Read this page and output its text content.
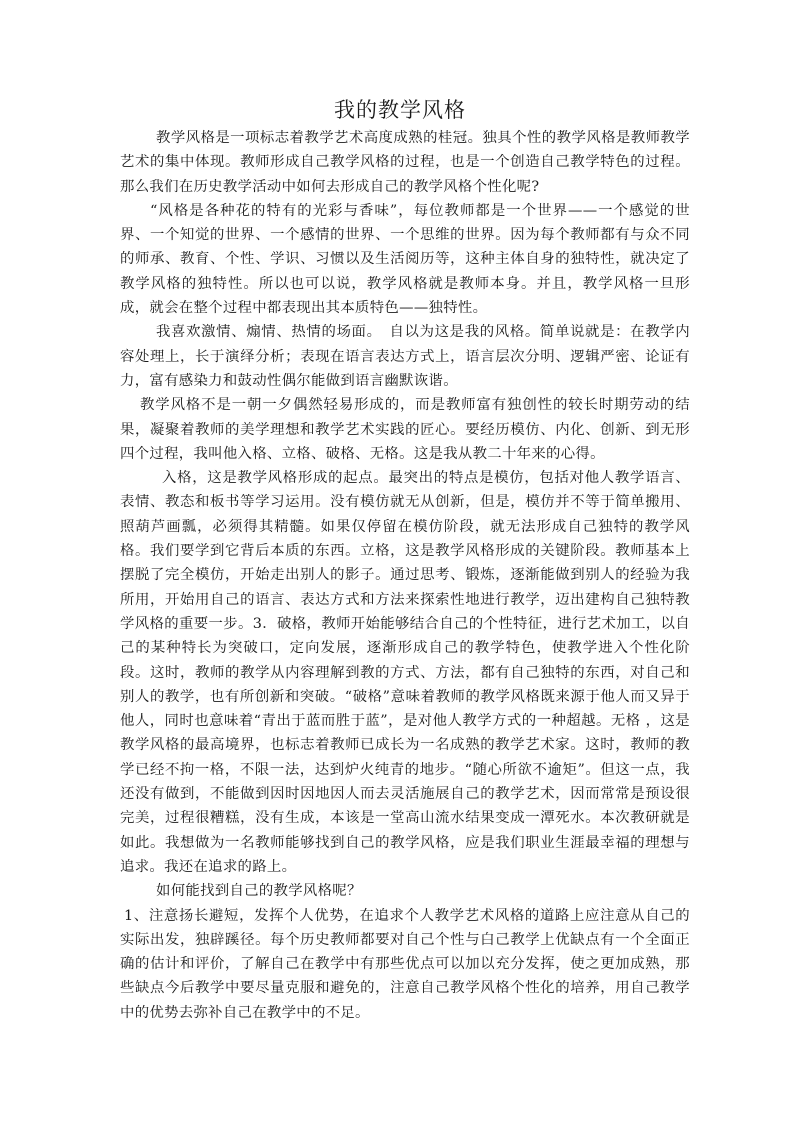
我的教学风格

教学风格是一项标志着教学艺术高度成熟的桂冠。独具个性的教学风格是教师教学艺术的集中体现。教师形成自己教学风格的过程，也是一个创造自己教学特色的过程。那么我们在历史教学活动中如何去形成自己的教学风格个性化呢?

“风格是各种花的特有的光彩与香味”，每位教师都是一个世界——一个感觉的世界、一个知觉的世界、一个感情的世界、一个思维的世界。因为每个教师都有与众不同的师承、教育、个性、学识、习惯以及生活阅历等，这种主体自身的独特性，就决定了教学风格的独特性。所以也可以说，教学风格就是教师本身。并且，教学风格一旦形成，就会在整个过程中都表现出其本质特色——独特性。

我喜欢激情、煽情、热情的场面。　自以为这是我的风格。简单说就是：在教学内容处理上，长于演绎分析；表现在语言表达方式上，语言层次分明、逻辑严密、论证有力，富有感染力和鼓动性偶尔能做到语言幽默诙谐。

教学风格不是一朝一夕偶然轻易形成的，而是教师富有独创性的较长时期劳动的结果，凝聚着教师的美学理想和教学艺术实践的匠心。要经历模仿、内化、创新、到无形四个过程，我叫他入格、立格、破格、无格。这是我从教二十年来的心得。

入格，这是教学风格形成的起点。最突出的特点是模仿，包括对他人教学语言、表情、教态和板书等学习运用。没有模仿就无从创新，但是，模仿并不等于简单搬用、照葫芦画瓢，必须得其精髓。如果仅停留在模仿阶段，就无法形成自己独特的教学风格。我们要学到它背后本质的东西。立格，这是教学风格形成的关键阶段。教师基本上摆脱了完全模仿，开始走出别人的影子。通过思考、锻炼，逐渐能做到别人的经验为我所用，开始用自己的语言、表达方式和方法来探索性地进行教学，迈出建构自己独特教学风格的重要一步。3．破格，教师开始能够结合自己的个性特征，进行艺术加工，以自己的某种特长为突破口，定向发展，逐渐形成自己的教学特色，使教学进入个性化阶段。这时，教师的教学从内容理解到教的方式、方法，都有自己独特的东西，对自己和别人的教学，也有所创新和突破。“破格”意味着教师的教学风格既来源于他人而又异于他人，同时也意味着“青出于蓝而胜于蓝”，是对他人教学方式的一种超越。无格 ，这是教学风格的最高境界，也标志着教师已成长为一名成熟的教学艺术家。这时，教师的教学已经不拘一格，不限一法，达到炉火纯青的地步。“随心所欲不逾矩”。但这一点，我还没有做到，不能做到因时因地因人而去灵活施展自己的教学艺术，因而常常是预设很完美，过程很糟糕，没有生成，本该是一堂高山流水结果变成一潭死水。本次教研就是如此。我想做为一名教师能够找到自己的教学风格，应是我们职业生涯最幸福的理想与追求。我还在追求的路上。

如何能找到自己的教学风格呢？

1、注意扬长避短，发挥个人优势，在追求个人教学艺术风格的道路上应注意从自己的实际出发，独辟蹊径。每个历史教师都要对自己个性与白己教学上优缺点有一个全面正确的估计和评价，了解自己在教学中有那些优点可以加以充分发挥，使之更加成熟，那些缺点今后教学中要尽量克服和避免的，注意自己教学风格个性化的培养，用自己教学中的优势去弥补自己在教学中的不足。
